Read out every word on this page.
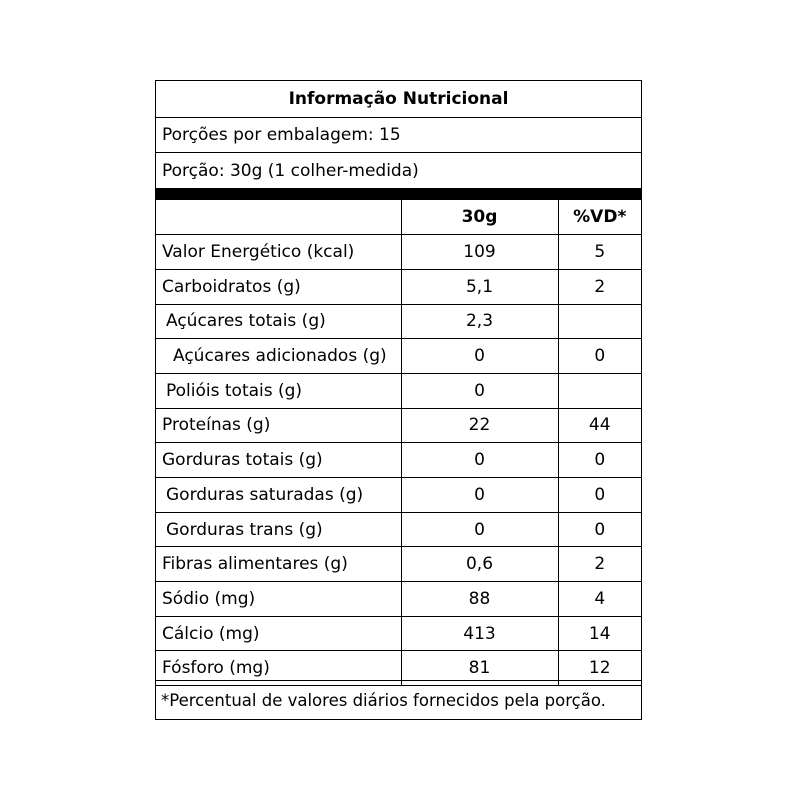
Informação Nutricional
Porções por embalagem: 15
Porção: 30g (1 colher-medida)
	30g	%VD*
Valor Energético (kcal)	109	5
Carboidratos (g)	5,1	2
Açúcares totais (g)	2,3	
Açúcares adicionados (g)	0	0
Polióis totais (g)	0	
Proteínas (g)	22	44
Gorduras totais (g)	0	0
Gorduras saturadas (g)	0	0
Gorduras trans (g)	0	0
Fibras alimentares (g)	0,6	2
Sódio (mg)	88	4
Cálcio (mg)	413	14
Fósforo (mg)	81	12
*Percentual de valores diários fornecidos pela porção.
